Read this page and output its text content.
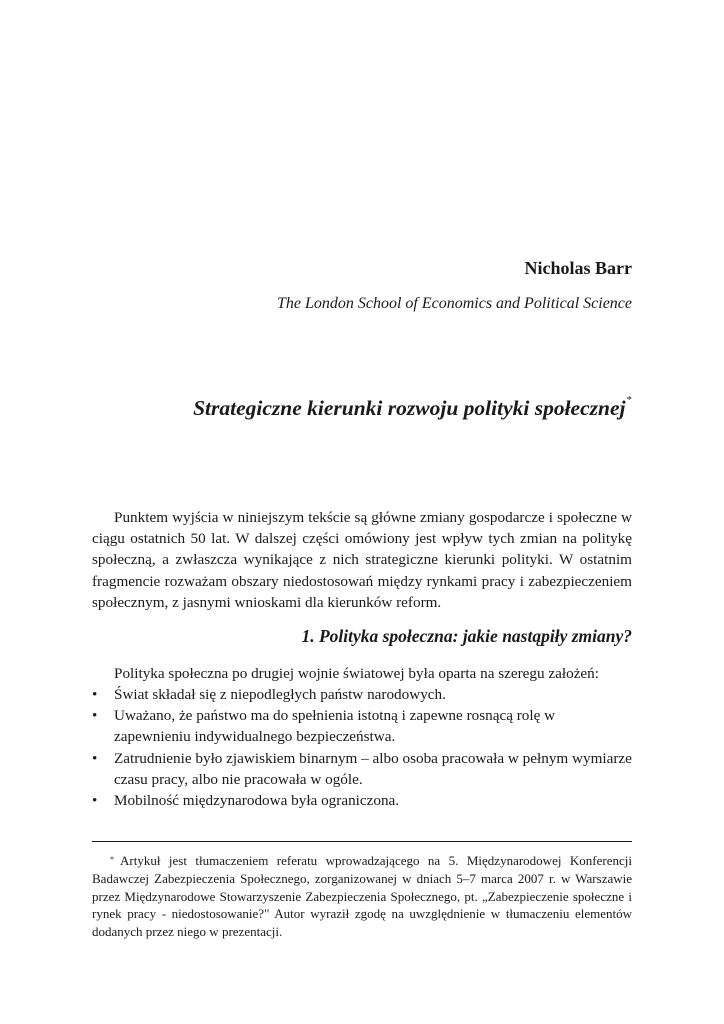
Nicholas Barr
The London School of Economics and Political Science
Strategiczne kierunki rozwoju polityki społecznej*

Punktem wyjścia w niniejszym tekście są główne zmiany gospodarcze i społeczne w ciągu ostatnich 50 lat. W dalszej części omówiony jest wpływ tych zmian na politykę społeczną, a zwłaszcza wynikające z nich strategiczne kierunki polityki. W ostatnim fragmencie rozważam obszary niedostosowań między rynkami pracy i zabezpieczeniem społecznym, z jasnymi wnioskami dla kierunków reform.

1. Polityka społeczna: jakie nastąpiły zmiany?

Polityka społeczna po drugiej wojnie światowej była oparta na szeregu założeń:

•	Świat składał się z niepodległych państw narodowych.
•	Uważano, że państwo ma do spełnienia istotną i zapewne rosnącą rolę w zapewnieniu indywidualnego bezpieczeństwa.
•	Zatrudnienie było zjawiskiem binarnym – albo osoba pracowała w pełnym wymiarze czasu pracy, albo nie pracowała w ogóle.
•	Mobilność międzynarodowa była ograniczona.

* Artykuł jest tłumaczeniem referatu wprowadzającego na 5. Międzynarodowej Konferencji Badawczej Zabezpieczenia Społecznego, zorganizowanej w dniach 5–7 marca 2007 r. w Warszawie przez Międzynarodowe Stowarzyszenie Zabezpieczenia Społecznego, pt. „Zabezpieczenie społeczne i rynek pracy - niedostosowanie?" Autor wyraził zgodę na uwzględnienie w tłumaczeniu elementów dodanych przez niego w prezentacji.
